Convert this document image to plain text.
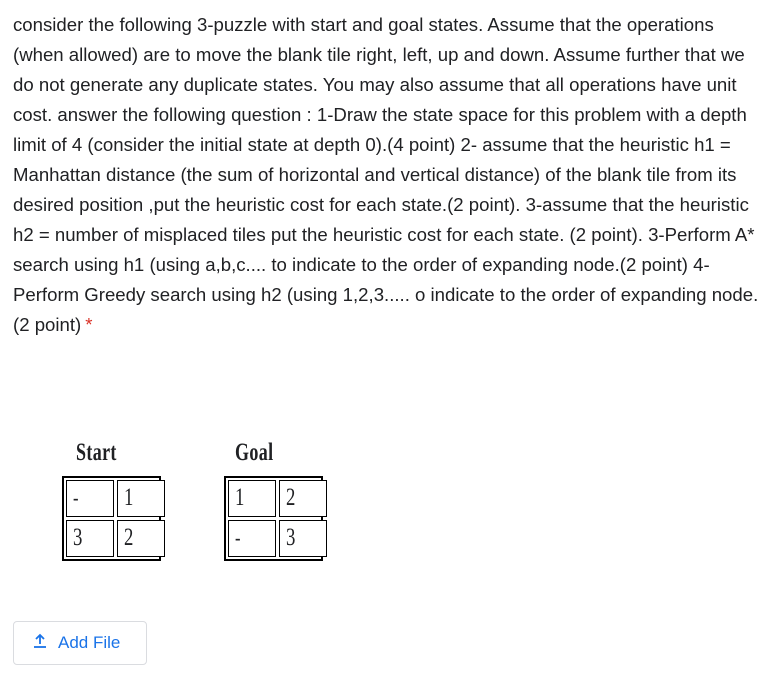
consider the following 3-puzzle with start and goal states. Assume that the operations (when allowed) are to move the blank tile right, left, up and down. Assume further that we do not generate any duplicate states. You may also assume that all operations have unit cost. answer the following question : 1-Draw the state space for this problem with a depth limit of 4 (consider the initial state at depth 0).(4 point) 2- assume that the heuristic h1 = Manhattan distance (the sum of horizontal and vertical distance) of the blank tile from its desired position ,put the heuristic cost for each state.(2 point). 3-assume that the heuristic h2 = number of misplaced tiles put the heuristic cost for each state. (2 point). 3-Perform A* search using h1 (using a,b,c.... to indicate to the order of expanding node.(2 point) 4- Perform Greedy search using h2 (using 1,2,3..... o indicate to the order of expanding node.(2 point) *

Start
-	1
3	2
Goal
1	2
-	3
Add File
